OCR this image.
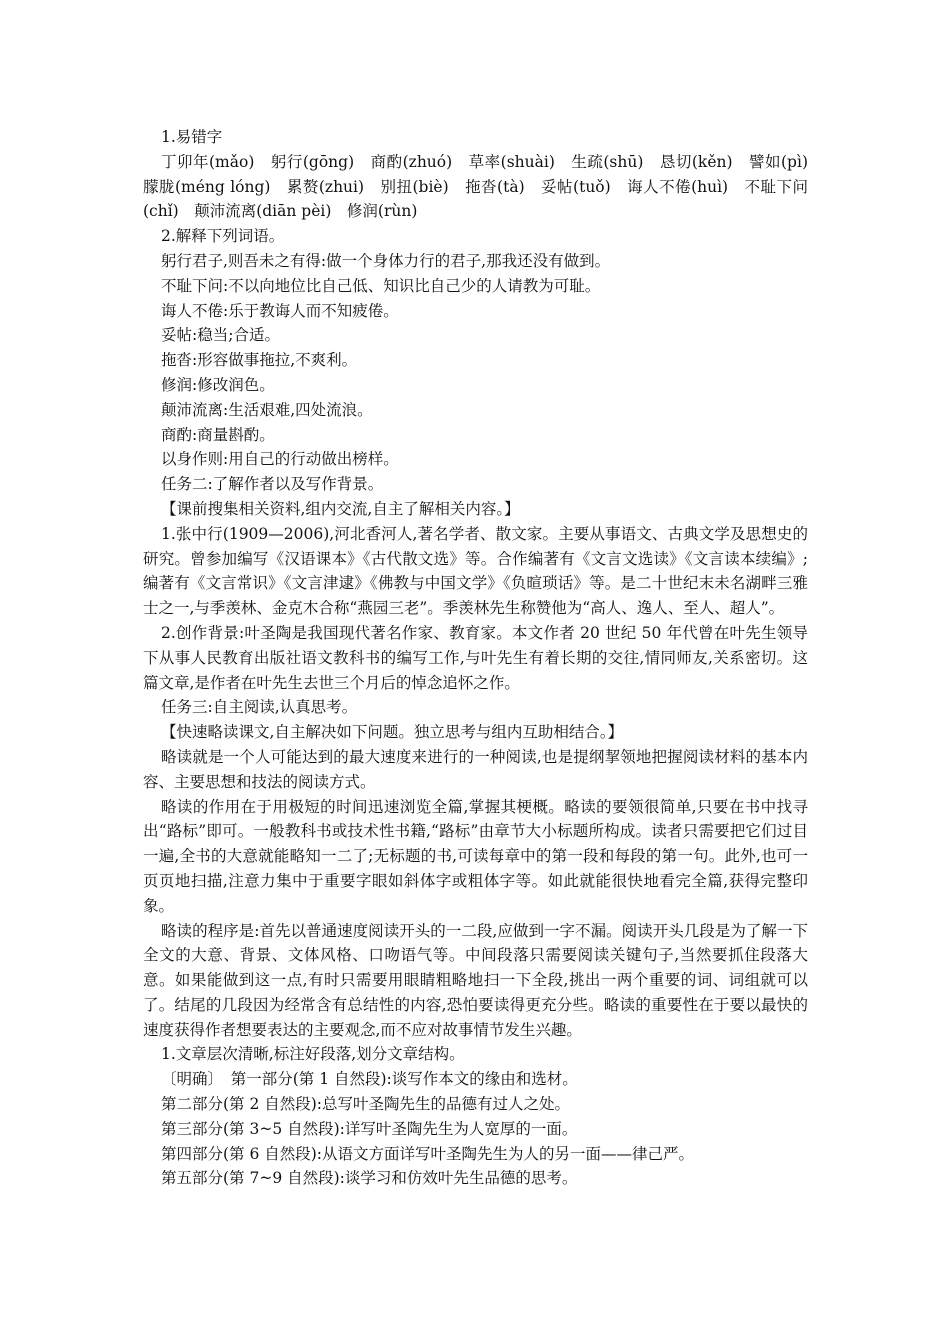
1.易错字

丁卯年(mǎo)　躬行(gōng)　商酌(zhuó)　草率(shuài)　生疏(shū)　恳切(kěn)　譬如(pì)

朦胧(méng lóng)　累赘(zhui)　别扭(biè)　拖沓(tà)　妥帖(tuǒ)　诲人不倦(huì)　不耻下问

(chǐ)　颠沛流离(diān pèi)　修润(rùn)

2.解释下列词语。

躬行君子,则吾未之有得:做一个身体力行的君子,那我还没有做到。

不耻下问:不以向地位比自己低、知识比自己少的人请教为可耻。

诲人不倦:乐于教诲人而不知疲倦。

妥帖:稳当;合适。

拖沓:形容做事拖拉,不爽利。

修润:修改润色。

颠沛流离:生活艰难,四处流浪。

商酌:商量斟酌。

以身作则:用自己的行动做出榜样。

任务二:了解作者以及写作背景。

【课前搜集相关资料,组内交流,自主了解相关内容。】

1.张中行(1909—2006),河北香河人,著名学者、散文家。主要从事语文、古典文学及思想史的研究。曾参加编写《汉语课本》《古代散文选》等。合作编著有《文言文选读》《文言读本续编》;编著有《文言常识》《文言津逮》《佛教与中国文学》《负暄琐话》等。是二十世纪末未名湖畔三雅士之一,与季羡林、金克木合称“燕园三老”。季羡林先生称赞他为“高人、逸人、至人、超人”。

2.创作背景:叶圣陶是我国现代著名作家、教育家。本文作者 20 世纪 50 年代曾在叶先生领导下从事人民教育出版社语文教科书的编写工作,与叶先生有着长期的交往,情同师友,关系密切。这篇文章,是作者在叶先生去世三个月后的悼念追怀之作。

任务三:自主阅读,认真思考。

【快速略读课文,自主解决如下问题。独立思考与组内互助相结合。】

略读就是一个人可能达到的最大速度来进行的一种阅读,也是提纲挈领地把握阅读材料的基本内容、主要思想和技法的阅读方式。

略读的作用在于用极短的时间迅速浏览全篇,掌握其梗概。略读的要领很简单,只要在书中找寻出“路标”即可。一般教科书或技术性书籍,“路标”由章节大小标题所构成。读者只需要把它们过目一遍,全书的大意就能略知一二了;无标题的书,可读每章中的第一段和每段的第一句。此外,也可一页页地扫描,注意力集中于重要字眼如斜体字或粗体字等。如此就能很快地看完全篇,获得完整印象。

略读的程序是:首先以普通速度阅读开头的一二段,应做到一字不漏。阅读开头几段是为了解一下全文的大意、背景、文体风格、口吻语气等。中间段落只需要阅读关键句子,当然要抓住段落大意。如果能做到这一点,有时只需要用眼睛粗略地扫一下全段,挑出一两个重要的词、词组就可以了。结尾的几段因为经常含有总结性的内容,恐怕要读得更充分些。略读的重要性在于要以最快的速度获得作者想要表达的主要观念,而不应对故事情节发生兴趣。

1.文章层次清晰,标注好段落,划分文章结构。

〔明确〕　第一部分(第 1 自然段):谈写作本文的缘由和选材。

第二部分(第 2 自然段):总写叶圣陶先生的品德有过人之处。

第三部分(第 3~5 自然段):详写叶圣陶先生为人宽厚的一面。

第四部分(第 6 自然段):从语文方面详写叶圣陶先生为人的另一面——律己严。

第五部分(第 7~9 自然段):谈学习和仿效叶先生品德的思考。
